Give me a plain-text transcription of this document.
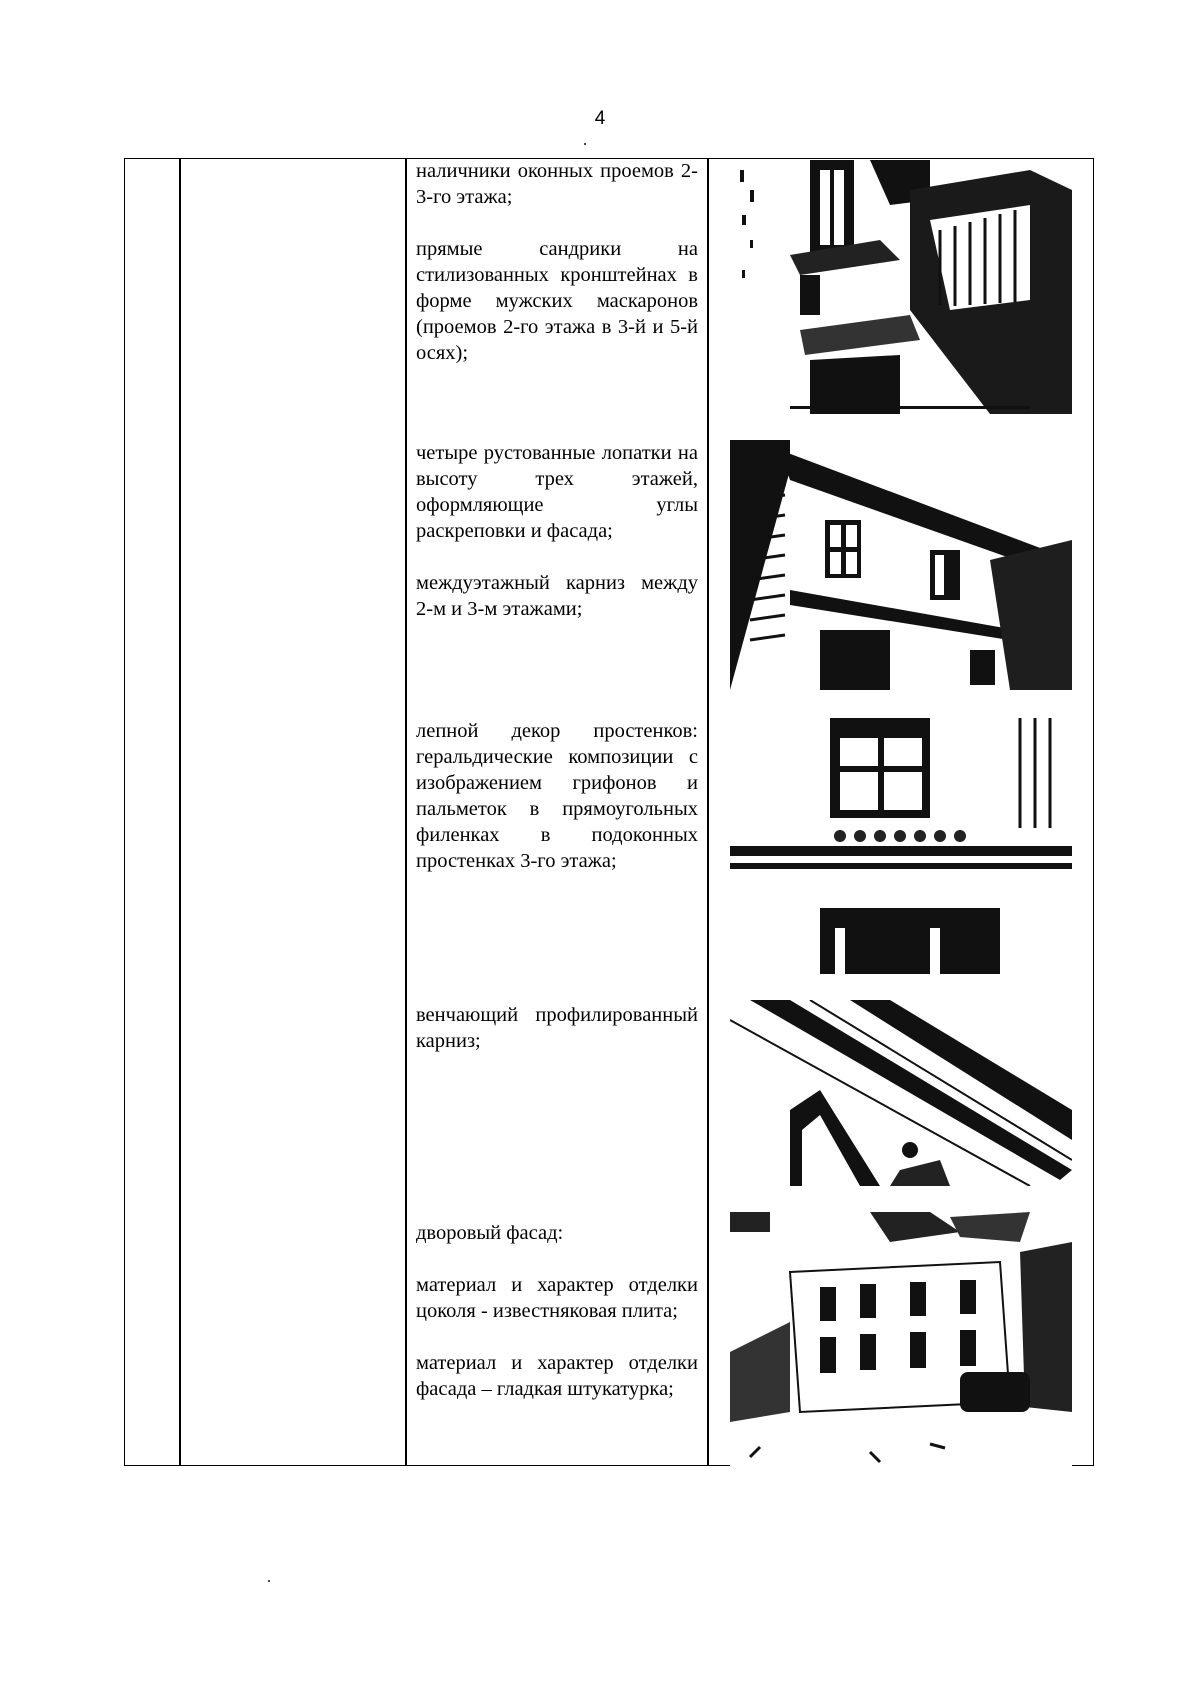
4

наличники оконных проемов 2-3-го этажа;

прямые сандрики на стилизованных кронштейнах в форме мужских маскаронов (проемов 2-го этажа в 3-й и 5-й осях);

четыре рустованные лопатки на высоту трех этажей, оформляющие углы раскреповки и фасада;

междуэтажный карниз между 2-м и 3-м этажами;

лепной декор простенков: геральдические композиции с изображением грифонов и пальметок в прямоугольных филенках в подоконных простенках 3-го этажа;

венчающий профилированный карниз;

дворовый фасад:

материал и характер отделки цоколя - известняковая плита;

материал и характер отделки фасада – гладкая штукатурка;
